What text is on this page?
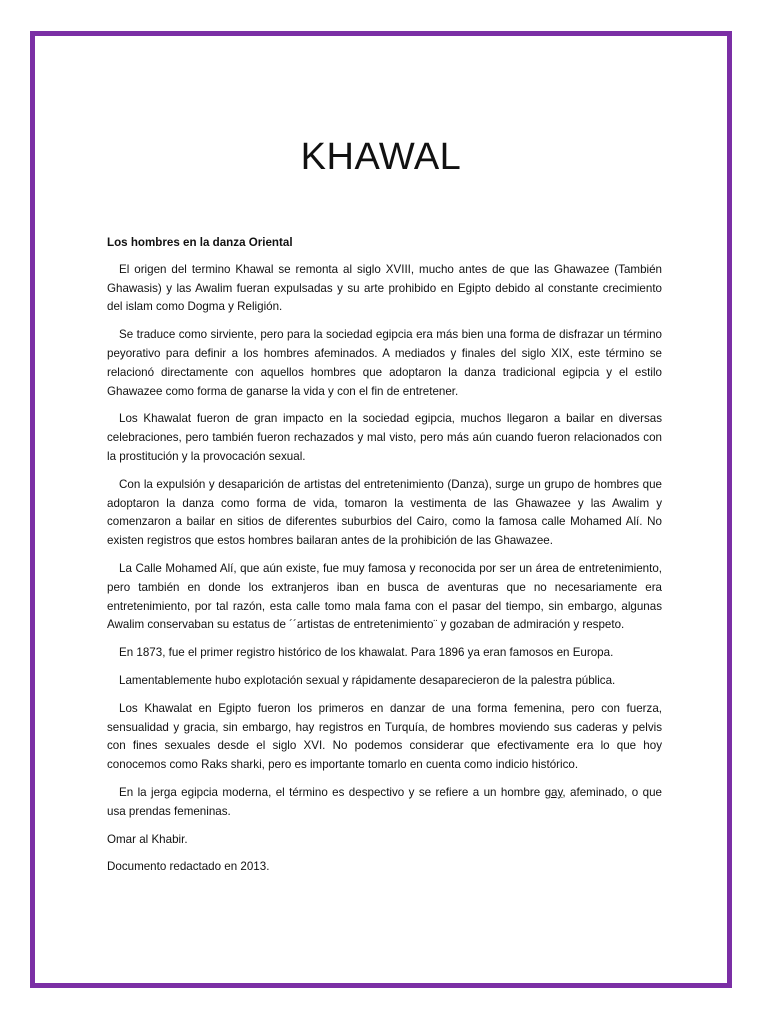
KHAWAL

Los hombres en la danza Oriental

El origen del termino Khawal se remonta al siglo XVIII, mucho antes de que las Ghawazee (También Ghawasis) y las Awalim fueran expulsadas y su arte prohibido en Egipto debido al constante crecimiento del islam como Dogma y Religión.

Se traduce como sirviente, pero para la sociedad egipcia era más bien una forma de disfrazar un término peyorativo para definir a los hombres afeminados. A mediados y finales del siglo XIX, este término se relacionó directamente con aquellos hombres que adoptaron la danza tradicional egipcia y el estilo Ghawazee como forma de ganarse la vida y con el fin de entretener.

Los Khawalat fueron de gran impacto en la sociedad egipcia, muchos llegaron a bailar en diversas celebraciones, pero también fueron rechazados y mal visto, pero más aún cuando fueron relacionados con la prostitución y la provocación sexual.

Con la expulsión y desaparición de artistas del entretenimiento (Danza), surge un grupo de hombres que adoptaron la danza como forma de vida, tomaron la vestimenta de las Ghawazee y las Awalim y comenzaron a bailar en sitios de diferentes suburbios del Cairo, como la famosa calle Mohamed Alí. No existen registros que estos hombres bailaran antes de la prohibición de las Ghawazee.

La Calle Mohamed Alí, que aún existe, fue muy famosa y reconocida por ser un área de entretenimiento, pero también en donde los extranjeros iban en busca de aventuras que no necesariamente era entretenimiento, por tal razón, esta calle tomo mala fama con el pasar del tiempo, sin embargo, algunas Awalim conservaban su estatus de ´´artistas de entretenimiento¨ y gozaban de admiración y respeto.

En 1873, fue el primer registro histórico de los khawalat. Para 1896 ya eran famosos en Europa.

Lamentablemente hubo explotación sexual y rápidamente desaparecieron de la palestra pública.

Los Khawalat en Egipto fueron los primeros en danzar de una forma femenina, pero con fuerza, sensualidad y gracia, sin embargo, hay registros en Turquía, de hombres moviendo sus caderas y pelvis con fines sexuales desde el siglo XVI. No podemos considerar que efectivamente era lo que hoy conocemos como Raks sharki, pero es importante tomarlo en cuenta como indicio histórico.

En la jerga egipcia moderna, el término es despectivo y se refiere a un hombre gay, afeminado, o que usa prendas femeninas.

Omar al Khabir.

Documento redactado en 2013.
